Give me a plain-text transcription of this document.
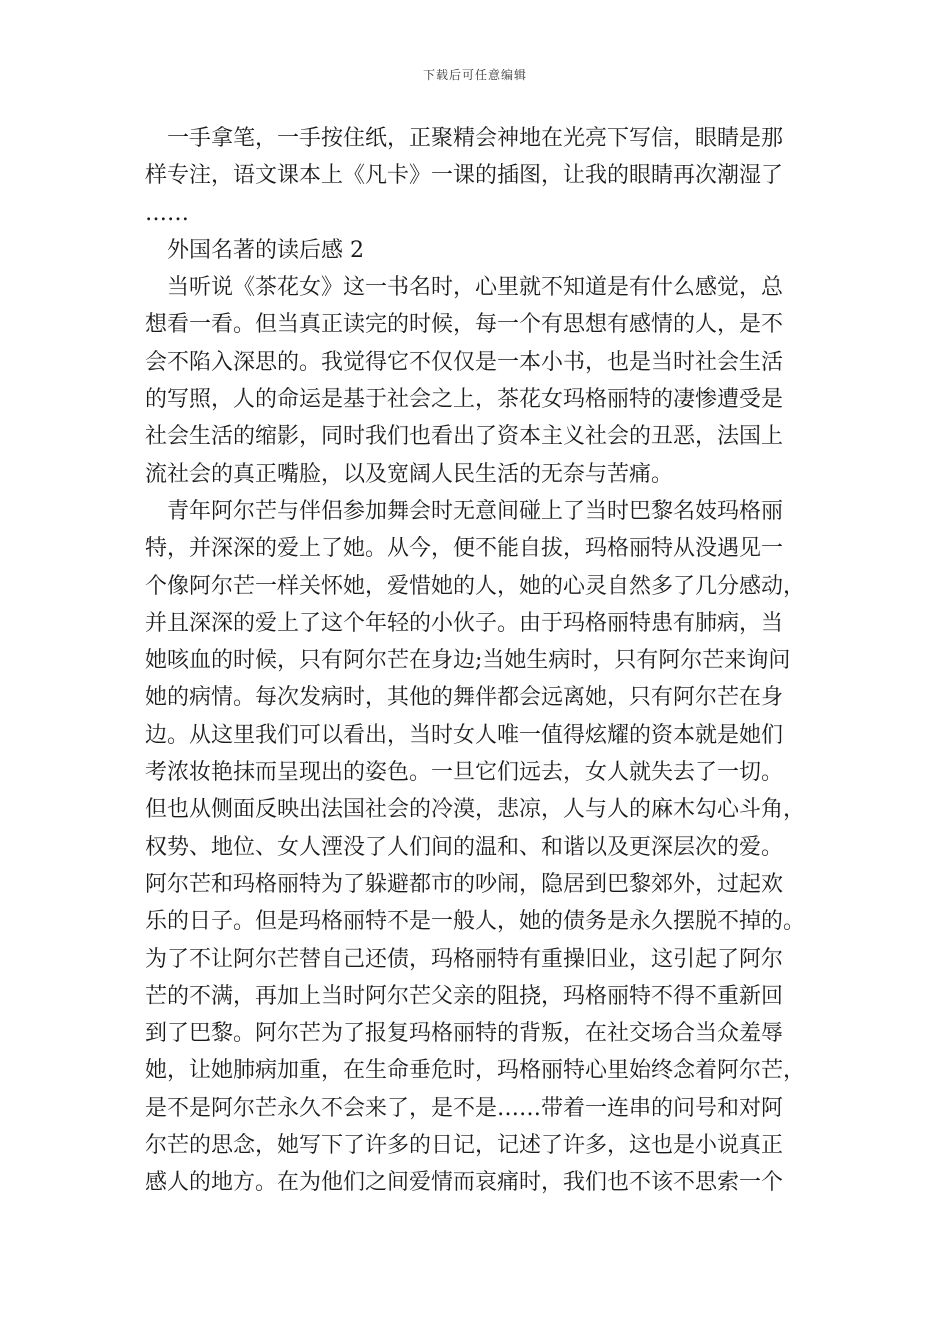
下载后可任意编辑
一手拿笔，一手按住纸，正聚精会神地在光亮下写信，眼睛是那
样专注，语文课本上《凡卡》一课的插图，让我的眼睛再次潮湿了
……
外国名著的读后感 2
当听说《茶花女》这一书名时，心里就不知道是有什么感觉，总
想看一看。但当真正读完的时候，每一个有思想有感情的人，是不
会不陷入深思的。我觉得它不仅仅是一本小书，也是当时社会生活
的写照，人的命运是基于社会之上，茶花女玛格丽特的凄惨遭受是
社会生活的缩影，同时我们也看出了资本主义社会的丑恶，法国上
流社会的真正嘴脸，以及宽阔人民生活的无奈与苦痛。
青年阿尔芒与伴侣参加舞会时无意间碰上了当时巴黎名妓玛格丽
特，并深深的爱上了她。从今，便不能自拔，玛格丽特从没遇见一
个像阿尔芒一样关怀她，爱惜她的人，她的心灵自然多了几分感动，
并且深深的爱上了这个年轻的小伙子。由于玛格丽特患有肺病，当
她咳血的时候，只有阿尔芒在身边;当她生病时，只有阿尔芒来询问
她的病情。每次发病时，其他的舞伴都会远离她，只有阿尔芒在身
边。从这里我们可以看出，当时女人唯一值得炫耀的资本就是她们
考浓妆艳抹而呈现出的姿色。一旦它们远去，女人就失去了一切。
但也从侧面反映出法国社会的冷漠，悲凉，人与人的麻木勾心斗角，
权势、地位、女人湮没了人们间的温和、和谐以及更深层次的爱。
阿尔芒和玛格丽特为了躲避都市的吵闹，隐居到巴黎郊外，过起欢
乐的日子。但是玛格丽特不是一般人，她的债务是永久摆脱不掉的。
为了不让阿尔芒替自己还债，玛格丽特有重操旧业，这引起了阿尔
芒的不满，再加上当时阿尔芒父亲的阻挠，玛格丽特不得不重新回
到了巴黎。阿尔芒为了报复玛格丽特的背叛，在社交场合当众羞辱
她，让她肺病加重，在生命垂危时，玛格丽特心里始终念着阿尔芒，
是不是阿尔芒永久不会来了，是不是……带着一连串的问号和对阿
尔芒的思念，她写下了许多的日记，记述了许多，这也是小说真正
感人的地方。在为他们之间爱情而哀痛时，我们也不该不思索一个
